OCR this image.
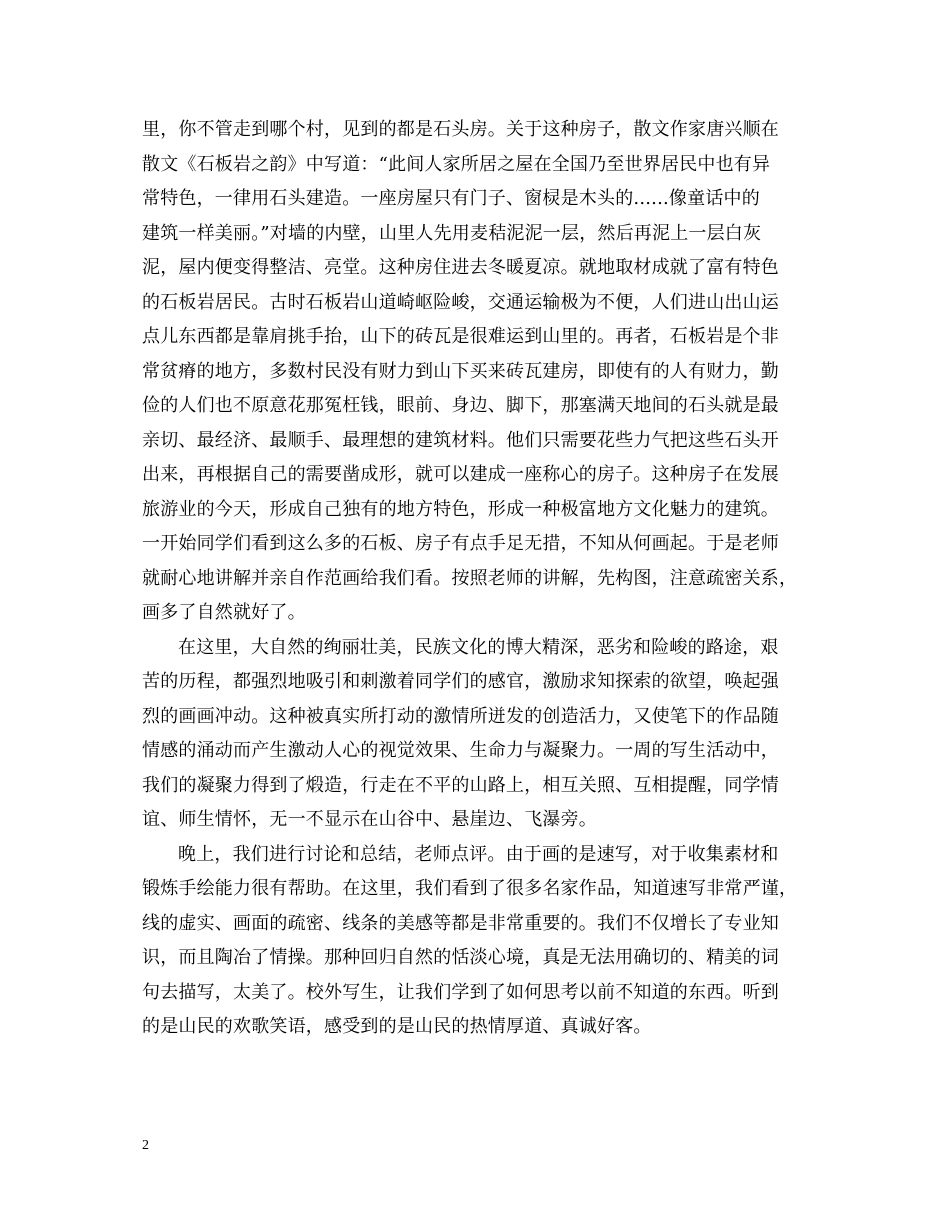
里，你不管走到哪个村，见到的都是石头房。关于这种房子，散文作家唐兴顺在
散文《石板岩之韵》中写道：“此间人家所居之屋在全国乃至世界居民中也有异
常特色，一律用石头建造。一座房屋只有门子、窗棂是木头的......像童话中的
建筑一样美丽。”对墙的内壁，山里人先用麦秸泥泥一层，然后再泥上一层白灰
泥，屋内便变得整洁、亮堂。这种房住进去冬暖夏凉。就地取材成就了富有特色
的石板岩居民。古时石板岩山道崎岖险峻，交通运输极为不便，人们进山出山运
点儿东西都是靠肩挑手抬，山下的砖瓦是很难运到山里的。再者，石板岩是个非
常贫瘠的地方，多数村民没有财力到山下买来砖瓦建房，即使有的人有财力，勤
俭的人们也不原意花那冤枉钱，眼前、身边、脚下，那塞满天地间的石头就是最
亲切、最经济、最顺手、最理想的建筑材料。他们只需要花些力气把这些石头开
出来，再根据自己的需要凿成形，就可以建成一座称心的房子。这种房子在发展
旅游业的今天，形成自己独有的地方特色，形成一种极富地方文化魅力的建筑。
一开始同学们看到这么多的石板、房子有点手足无措，不知从何画起。于是老师
就耐心地讲解并亲自作范画给我们看。按照老师的讲解，先构图，注意疏密关系，
画多了自然就好了。
在这里，大自然的绚丽壮美，民族文化的博大精深，恶劣和险峻的路途，艰
苦的历程，都强烈地吸引和刺激着同学们的感官，激励求知探索的欲望，唤起强
烈的画画冲动。这种被真实所打动的激情所迸发的创造活力，又使笔下的作品随
情感的涌动而产生激动人心的视觉效果、生命力与凝聚力。一周的写生活动中，
我们的凝聚力得到了煅造，行走在不平的山路上，相互关照、互相提醒，同学情
谊、师生情怀，无一不显示在山谷中、悬崖边、飞瀑旁。
晚上，我们进行讨论和总结，老师点评。由于画的是速写，对于收集素材和
锻炼手绘能力很有帮助。在这里，我们看到了很多名家作品，知道速写非常严谨，
线的虚实、画面的疏密、线条的美感等都是非常重要的。我们不仅增长了专业知
识，而且陶冶了情操。那种回归自然的恬淡心境，真是无法用确切的、精美的词
句去描写，太美了。校外写生，让我们学到了如何思考以前不知道的东西。听到
的是山民的欢歌笑语，感受到的是山民的热情厚道、真诚好客。
2
